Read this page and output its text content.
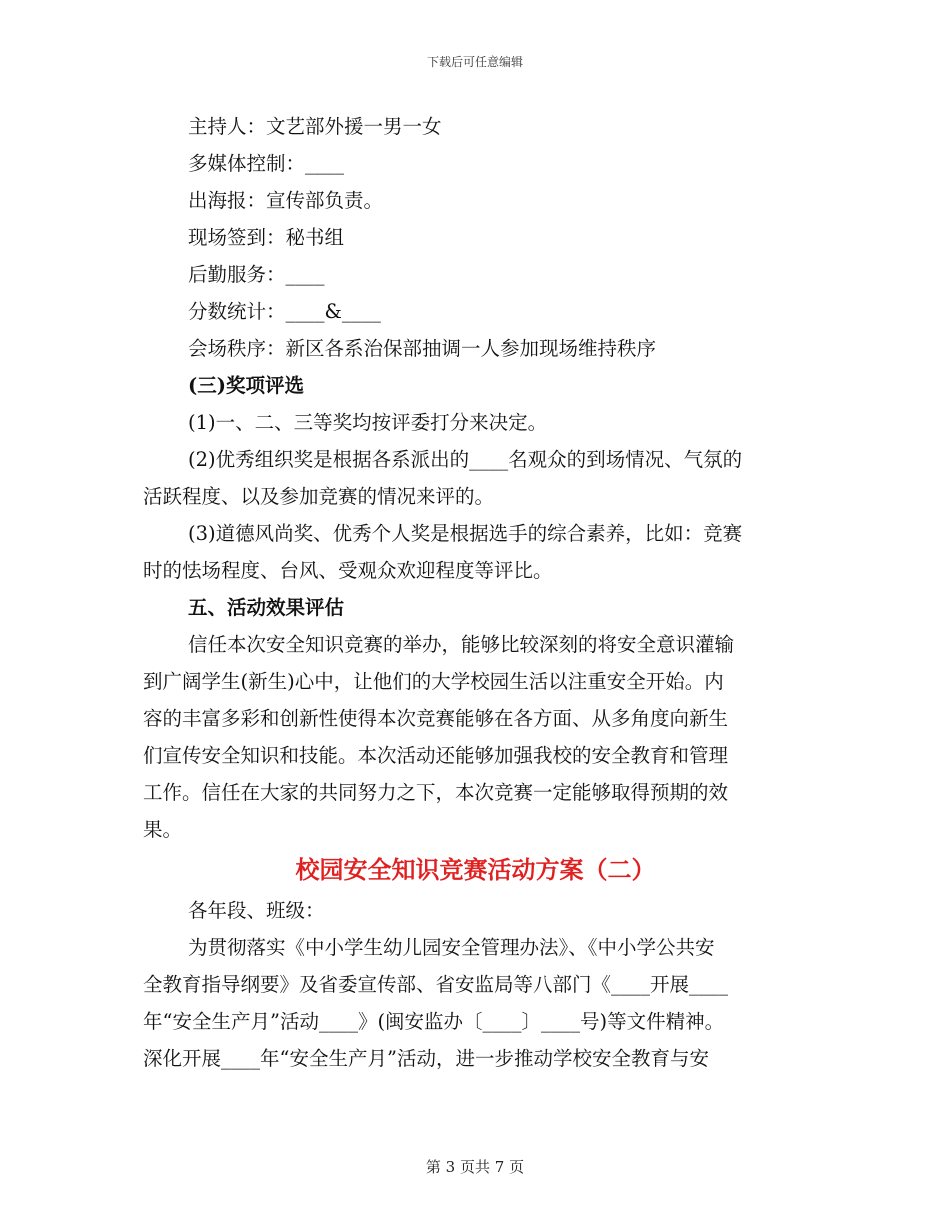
下载后可任意编辑
主持人：文艺部外援一男一女
多媒体控制：____
出海报：宣传部负责。
现场签到：秘书组
后勤服务：____
分数统计：____&____
会场秩序：新区各系治保部抽调一人参加现场维持秩序
(三)奖项评选
(1)一、二、三等奖均按评委打分来决定。
(2)优秀组织奖是根据各系派出的____名观众的到场情况、气氛的
活跃程度、以及参加竞赛的情况来评的。
(3)道德风尚奖、优秀个人奖是根据选手的综合素养，比如：竞赛
时的怯场程度、台风、受观众欢迎程度等评比。
五、活动效果评估
信任本次安全知识竞赛的举办，能够比较深刻的将安全意识灌输
到广阔学生(新生)心中，让他们的大学校园生活以注重安全开始。内
容的丰富多彩和创新性使得本次竞赛能够在各方面、从多角度向新生
们宣传安全知识和技能。本次活动还能够加强我校的安全教育和管理
工作。信任在大家的共同努力之下，本次竞赛一定能够取得预期的效
果。
校园安全知识竞赛活动方案（二）
各年段、班级：
为贯彻落实《中小学生幼儿园安全管理办法》、《中小学公共安
全教育指导纲要》及省委宣传部、省安监局等八部门《____开展____
年“安全生产月”活动____》(闽安监办〔____〕____号)等文件精神。
深化开展____年“安全生产月”活动，进一步推动学校安全教育与安
第 3 页共 7 页
